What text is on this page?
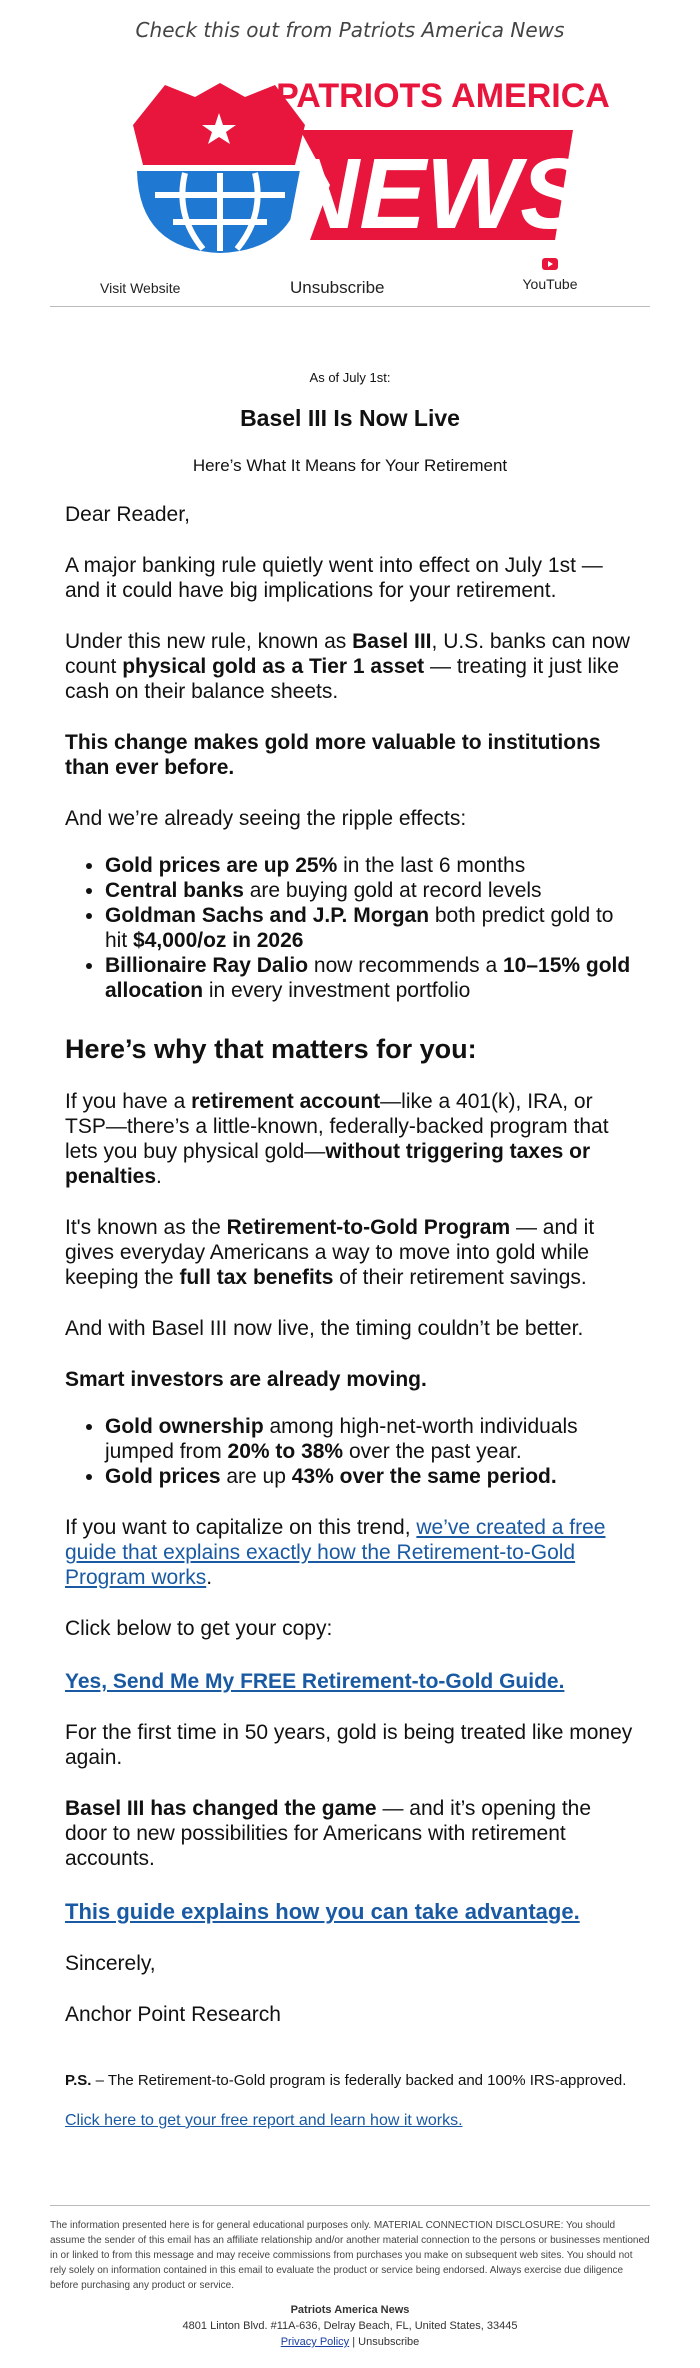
Check this out from Patriots America News
PATRIOTS AMERICA
NEWS
Visit Website	Unsubscribe	YouTube
As of July 1st:
Basel III Is Now Live
Here’s What It Means for Your Retirement
Dear Reader,
A major banking rule quietly went into effect on July 1st — and it could have big implications for your retirement.
Under this new rule, known as Basel III, U.S. banks can now count physical gold as a Tier 1 asset — treating it just like cash on their balance sheets.
This change makes gold more valuable to institutions than ever before.
And we’re already seeing the ripple effects:
• Gold prices are up 25% in the last 6 months
• Central banks are buying gold at record levels
• Goldman Sachs and J.P. Morgan both predict gold to hit $4,000/oz in 2026
• Billionaire Ray Dalio now recommends a 10–15% gold allocation in every investment portfolio
Here’s why that matters for you:
If you have a retirement account—like a 401(k), IRA, or TSP—there’s a little-known, federally-backed program that lets you buy physical gold—without triggering taxes or penalties.
It's known as the Retirement-to-Gold Program — and it gives everyday Americans a way to move into gold while keeping the full tax benefits of their retirement savings.
And with Basel III now live, the timing couldn’t be better.
Smart investors are already moving.
• Gold ownership among high-net-worth individuals jumped from 20% to 38% over the past year.
• Gold prices are up 43% over the same period.
If you want to capitalize on this trend, we’ve created a free guide that explains exactly how the Retirement-to-Gold Program works.
Click below to get your copy:
Yes, Send Me My FREE Retirement-to-Gold Guide.
For the first time in 50 years, gold is being treated like money again.
Basel III has changed the game — and it’s opening the door to new possibilities for Americans with retirement accounts.
This guide explains how you can take advantage.
Sincerely,
Anchor Point Research
P.S. – The Retirement-to-Gold program is federally backed and 100% IRS-approved.
Click here to get your free report and learn how it works.
The information presented here is for general educational purposes only. MATERIAL CONNECTION DISCLOSURE: You should assume the sender of this email has an affiliate relationship and/or another material connection to the persons or businesses mentioned in or linked to from this message and may receive commissions from purchases you make on subsequent web sites. You should not rely solely on information contained in this email to evaluate the product or service being endorsed. Always exercise due diligence before purchasing any product or service.
Patriots America News
4801 Linton Blvd. #11A-636, Delray Beach, FL, United States, 33445
Privacy Policy | Unsubscribe
